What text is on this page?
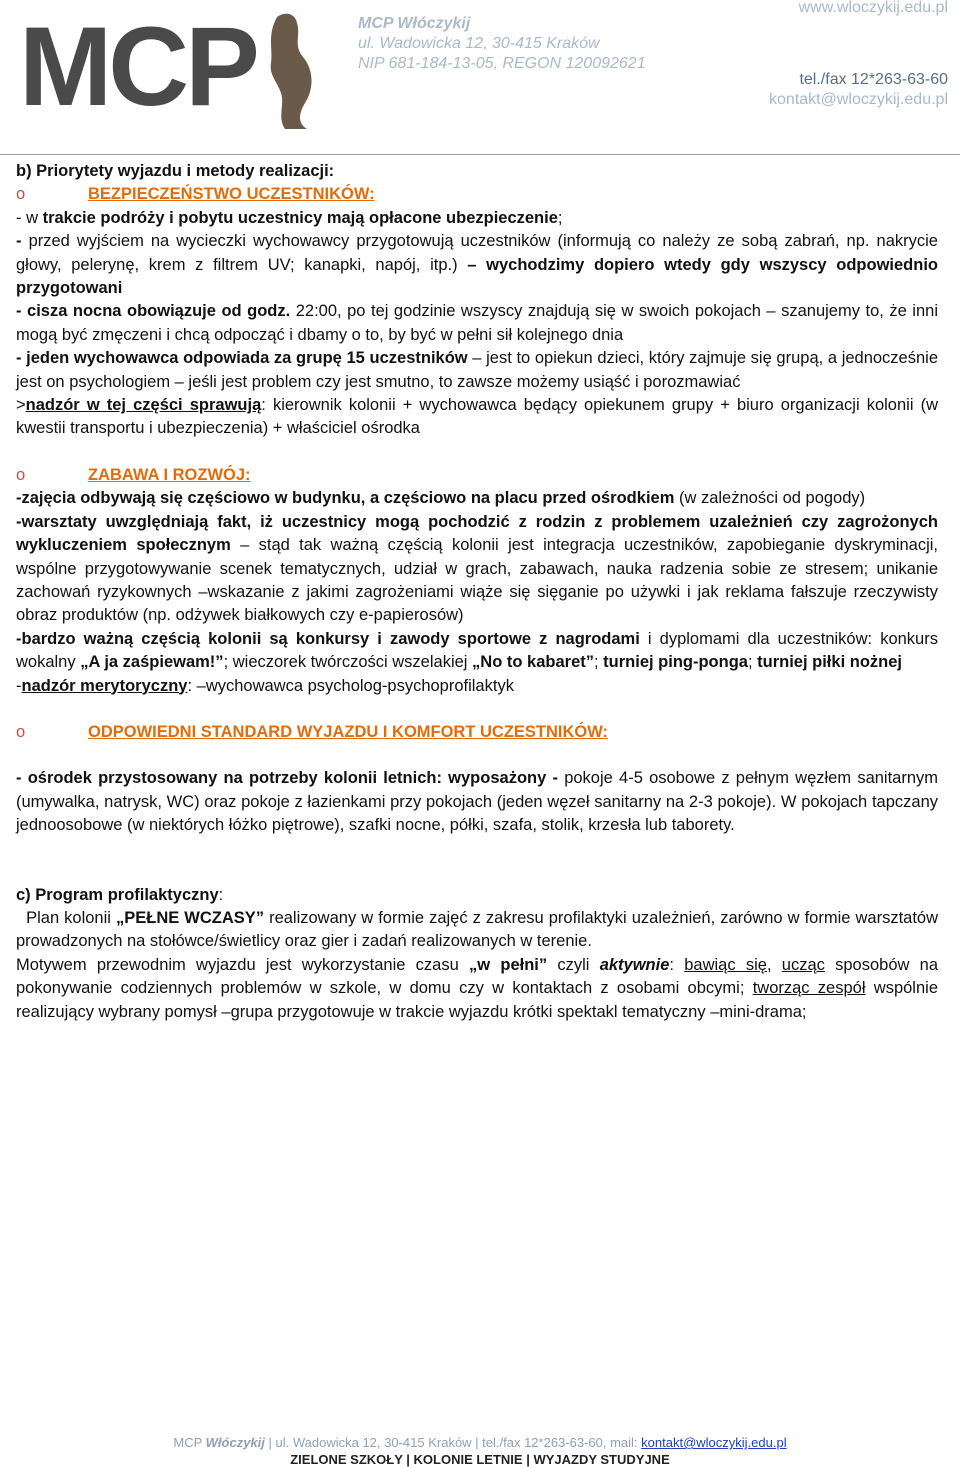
MCP	MCP Włóczykij
ul. Wadowicka 12, 30-415 Kraków
NIP 681-184-13-05, REGON 120092621
www.wloczykij.edu.pl
tel./fax 12*263-63-60
kontakt@wloczykij.edu.pl

b) Priorytety wyjazdu i metody realizacji:

o	BEZPIECZEŃSTWO UCZESTNIKÓW:

- w trakcie podróży i pobytu uczestnicy mają opłacone ubezpieczenie;

- przed wyjściem na wycieczki wychowawcy przygotowują uczestników (informują co należy ze sobą zabrań, np. nakrycie głowy, pelerynę, krem z filtrem UV; kanapki, napój, itp.) – wychodzimy dopiero wtedy gdy wszyscy odpowiednio przygotowani

- cisza nocna obowiązuje od godz. 22:00, po tej godzinie wszyscy znajdują się w swoich pokojach – szanujemy to, że inni mogą być zmęczeni i chcą odpocząć i dbamy o to, by być w pełni sił kolejnego dnia

- jeden wychowawca odpowiada za grupę 15 uczestników – jest to opiekun dzieci, który zajmuje się grupą, a jednocześnie jest on psychologiem – jeśli jest problem czy jest smutno, to zawsze możemy usiąść i porozmawiać

>nadzór w tej części sprawują: kierownik kolonii + wychowawca będący opiekunem grupy + biuro organizacji kolonii (w kwestii transportu i ubezpieczenia) + właściciel ośrodka

o	ZABAWA I ROZWÓJ:

-zajęcia odbywają się częściowo w budynku, a częściowo na placu przed ośrodkiem (w zależności od pogody)

-warsztaty uwzględniają fakt, iż uczestnicy mogą pochodzić z rodzin z problemem uzależnień czy zagrożonych wykluczeniem społecznym – stąd tak ważną częścią kolonii jest integracja uczestników, zapobieganie dyskryminacji, wspólne przygotowywanie scenek tematycznych, udział w grach, zabawach, nauka radzenia sobie ze stresem; unikanie zachowań ryzykownych –wskazanie z jakimi zagrożeniami wiąże się sięganie po używki i jak reklama fałszuje rzeczywisty obraz produktów (np. odżywek białkowych czy e-papierosów)

-bardzo ważną częścią kolonii są konkursy i zawody sportowe z nagrodami i dyplomami dla uczestników: konkurs wokalny „A ja zaśpiewam!”; wieczorek twórczości wszelakiej „No to kabaret”; turniej ping-ponga; turniej piłki nożnej

-nadzór merytoryczny: –wychowawca psycholog-psychoprofilaktyk

o	ODPOWIEDNI STANDARD WYJAZDU I KOMFORT UCZESTNIKÓW:

- ośrodek przystosowany na potrzeby kolonii letnich: wyposażony - pokoje 4-5 osobowe z pełnym węzłem sanitarnym (umywalka, natrysk, WC) oraz pokoje z łazienkami przy pokojach (jeden węzeł sanitarny na 2-3 pokoje). W pokojach tapczany jednoosobowe (w niektórych łóżko piętrowe), szafki nocne, półki, szafa, stolik, krzesła lub taborety.

c) Program profilaktyczny:

Plan kolonii „PEŁNE WCZASY” realizowany w formie zajęć z zakresu profilaktyki uzależnień, zarówno w formie warsztatów prowadzonych na stołówce/świetlicy oraz gier i zadań realizowanych w terenie.

Motywem przewodnim wyjazdu jest wykorzystanie czasu „w pełni” czyli aktywnie: bawiąc się, ucząc sposobów na pokonywanie codziennych problemów w szkole, w domu czy w kontaktach z osobami obcymi; tworząc zespół wspólnie realizujący wybrany pomysł –grupa przygotowuje w trakcie wyjazdu krótki spektakl tematyczny –mini-drama;

MCP Włóczykij | ul. Wadowicka 12, 30-415 Kraków | tel./fax 12*263-63-60, mail: kontakt@wloczykij.edu.pl
ZIELONE SZKOŁY | KOLONIE LETNIE | WYJAZDY STUDYJNE
